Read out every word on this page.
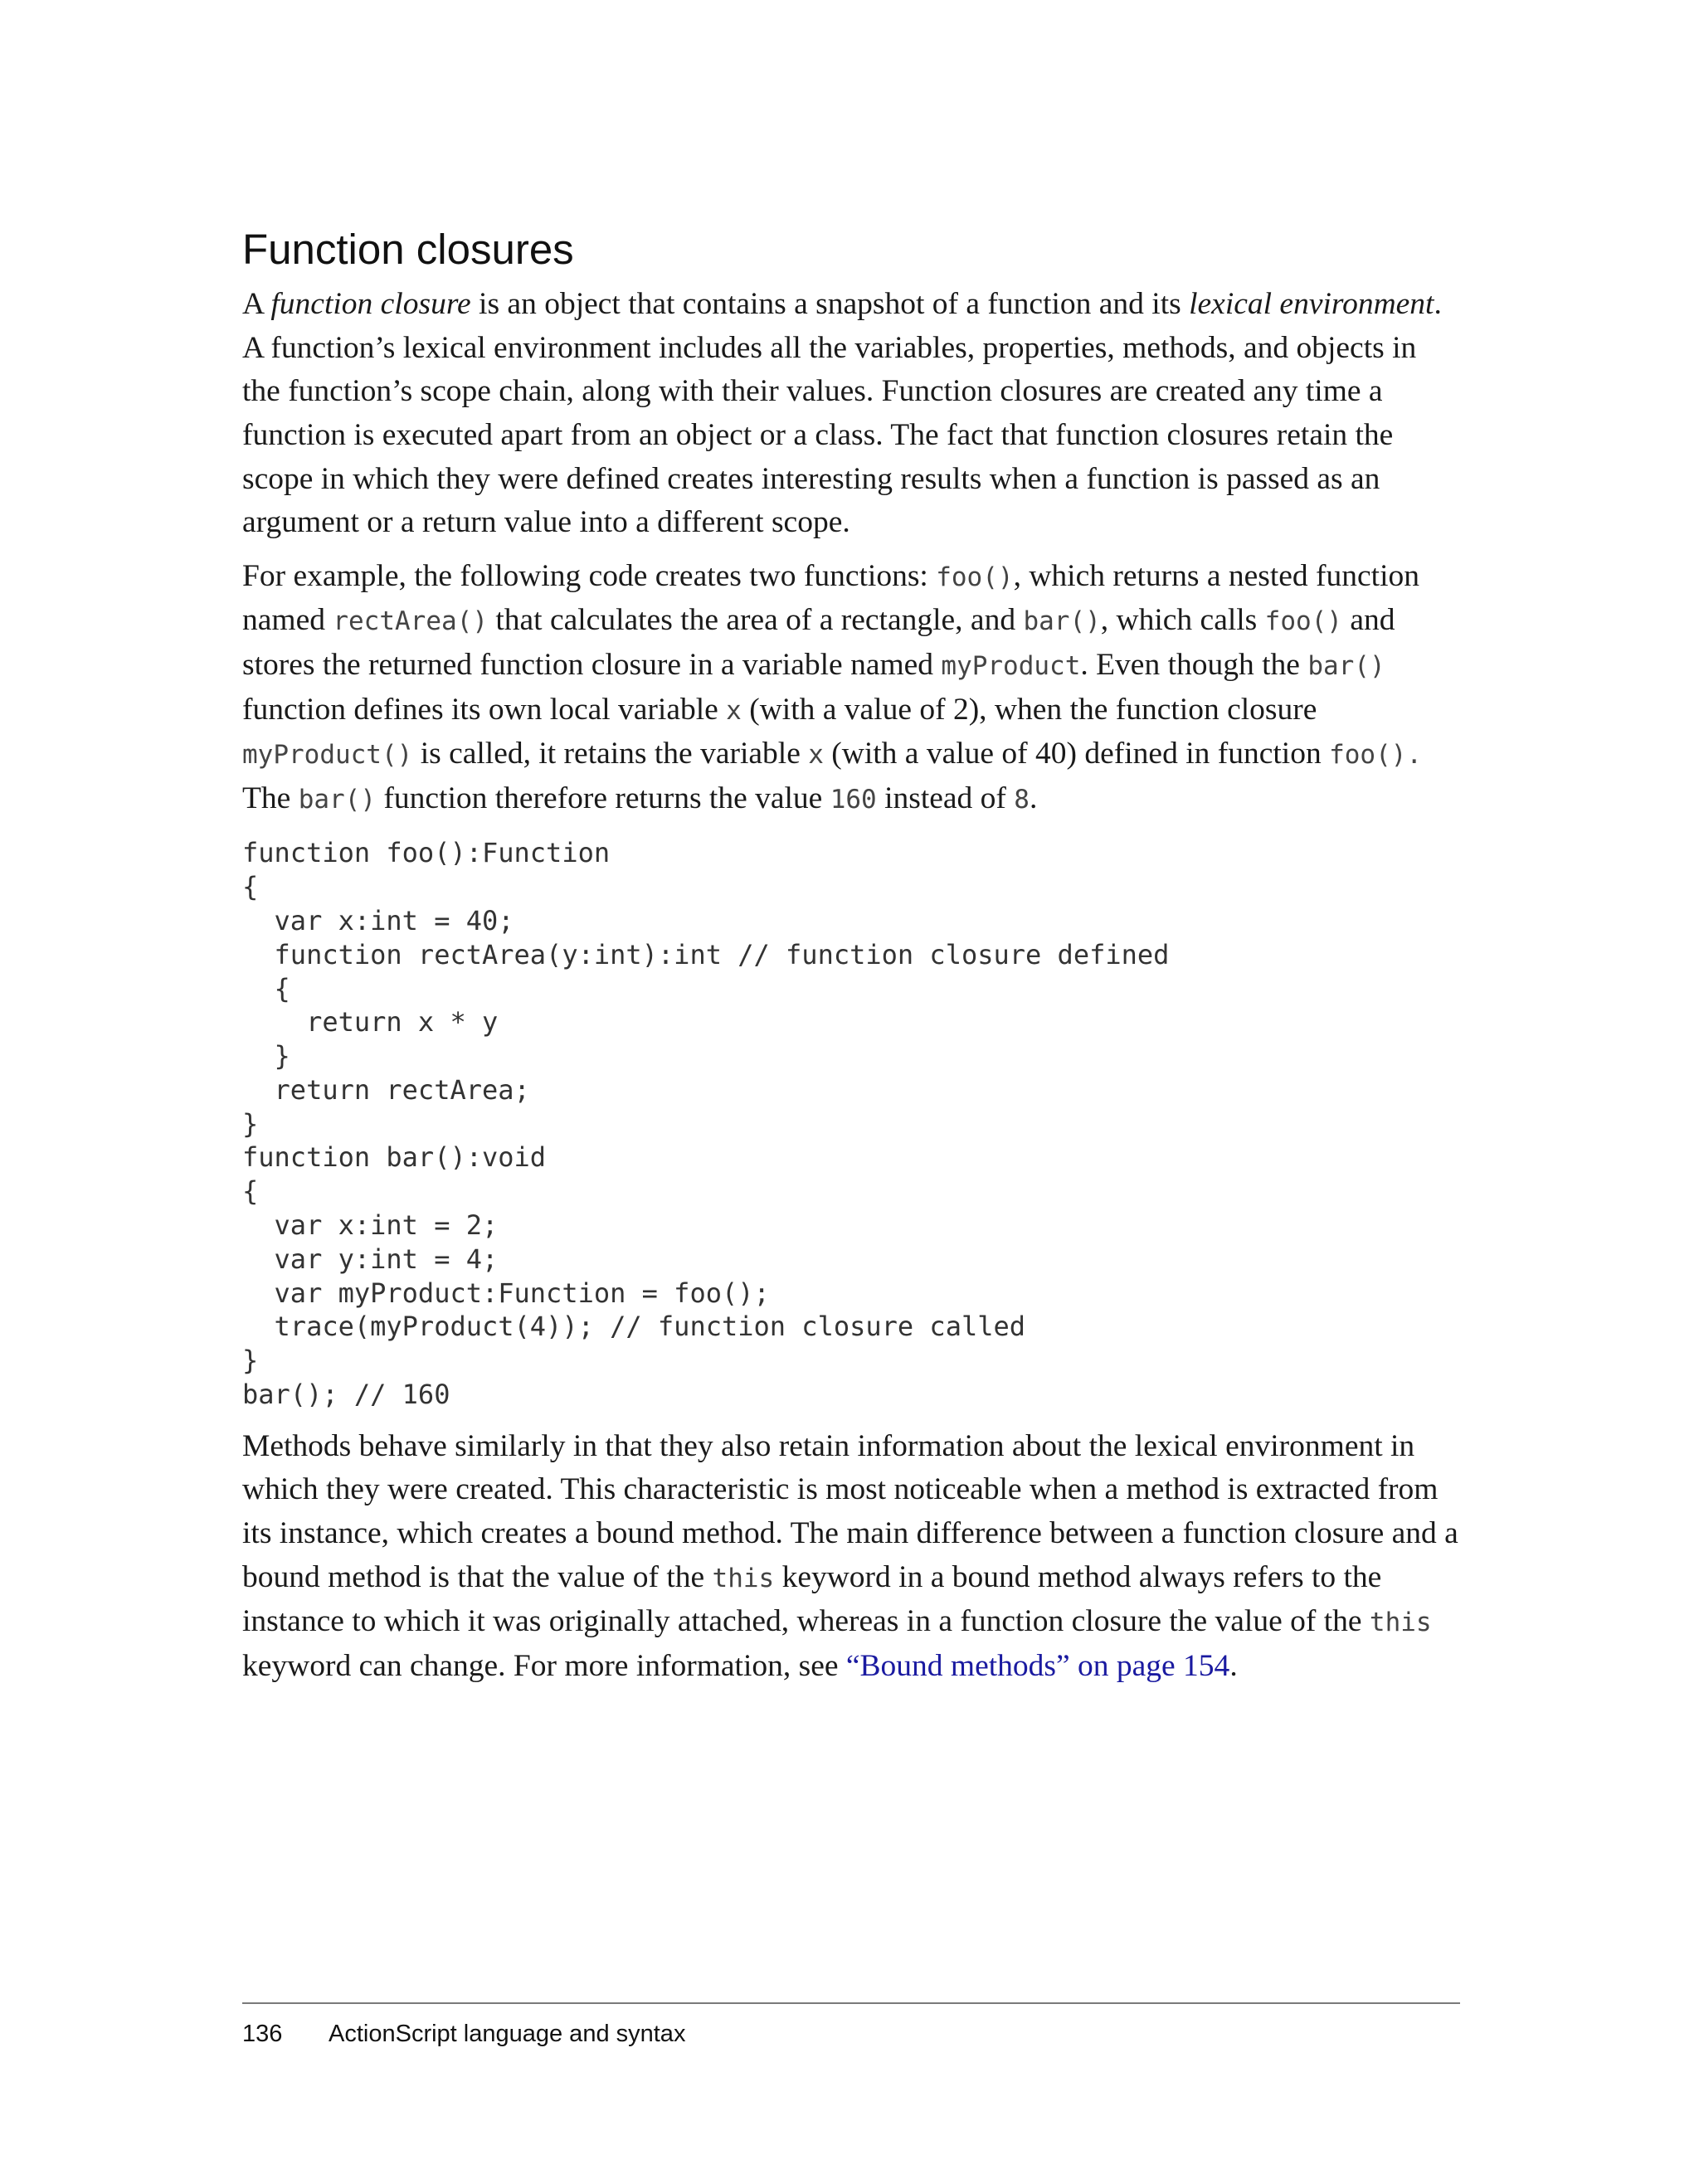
Function closures

A function closure is an object that contains a snapshot of a function and its lexical environment. A function’s lexical environment includes all the variables, properties, methods, and objects in the function’s scope chain, along with their values. Function closures are created any time a function is executed apart from an object or a class. The fact that function closures retain the scope in which they were defined creates interesting results when a function is passed as an argument or a return value into a different scope.

For example, the following code creates two functions: foo(), which returns a nested function named rectArea() that calculates the area of a rectangle, and bar(), which calls foo() and stores the returned function closure in a variable named myProduct. Even though the bar() function defines its own local variable x (with a value of 2), when the function closure myProduct() is called, it retains the variable x (with a value of 40) defined in function foo(). The bar() function therefore returns the value 160 instead of 8.

function foo():Function
{
var x:int = 40;
function rectArea(y:int):int // function closure defined
{
return x * y
}
return rectArea;
}
function bar():void
{
var x:int = 2;
var y:int = 4;
var myProduct:Function = foo();
trace(myProduct(4)); // function closure called
}
bar(); // 160

Methods behave similarly in that they also retain information about the lexical environment in which they were created. This characteristic is most noticeable when a method is extracted from its instance, which creates a bound method. The main difference between a function closure and a bound method is that the value of the this keyword in a bound method always refers to the instance to which it was originally attached, whereas in a function closure the value of the this keyword can change. For more information, see “Bound methods” on page 154.

136 ActionScript language and syntax
